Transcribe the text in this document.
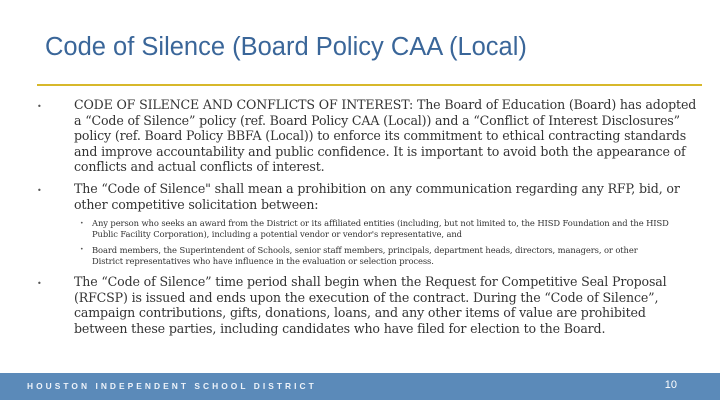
Code of Silence (Board Policy CAA (Local)
•	CODE OF SILENCE AND CONFLICTS OF INTEREST: The Board of Education (Board) has adopted a “Code of Silence” policy (ref. Board Policy CAA (Local)) and a “Conflict of Interest Disclosures” policy (ref. Board Policy BBFA (Local)) to enforce its commitment to ethical contracting standards and improve accountability and public confidence. It is important to avoid both the appearance of conflicts and actual conflicts of interest.
•	The “Code of Silence" shall mean a prohibition on any communication regarding any RFP, bid, or other competitive solicitation between:
• Any person who seeks an award from the District or its affiliated entities (including, but not limited to, the HISD Foundation and the HISD Public Facility Corporation), including a potential vendor or vendor's representative, and
• Board members, the Superintendent of Schools, senior staff members, principals, department heads, directors, managers, or other District representatives who have influence in the evaluation or selection process.
•	The “Code of Silence” time period shall begin when the Request for Competitive Seal Proposal (RFCSP) is issued and ends upon the execution of the contract. During the “Code of Silence”, campaign contributions, gifts, donations, loans, and any other items of value are prohibited between these parties, including candidates who have filed for election to the Board.
HOUSTON INDEPENDENT SCHOOL DISTRICT	10
